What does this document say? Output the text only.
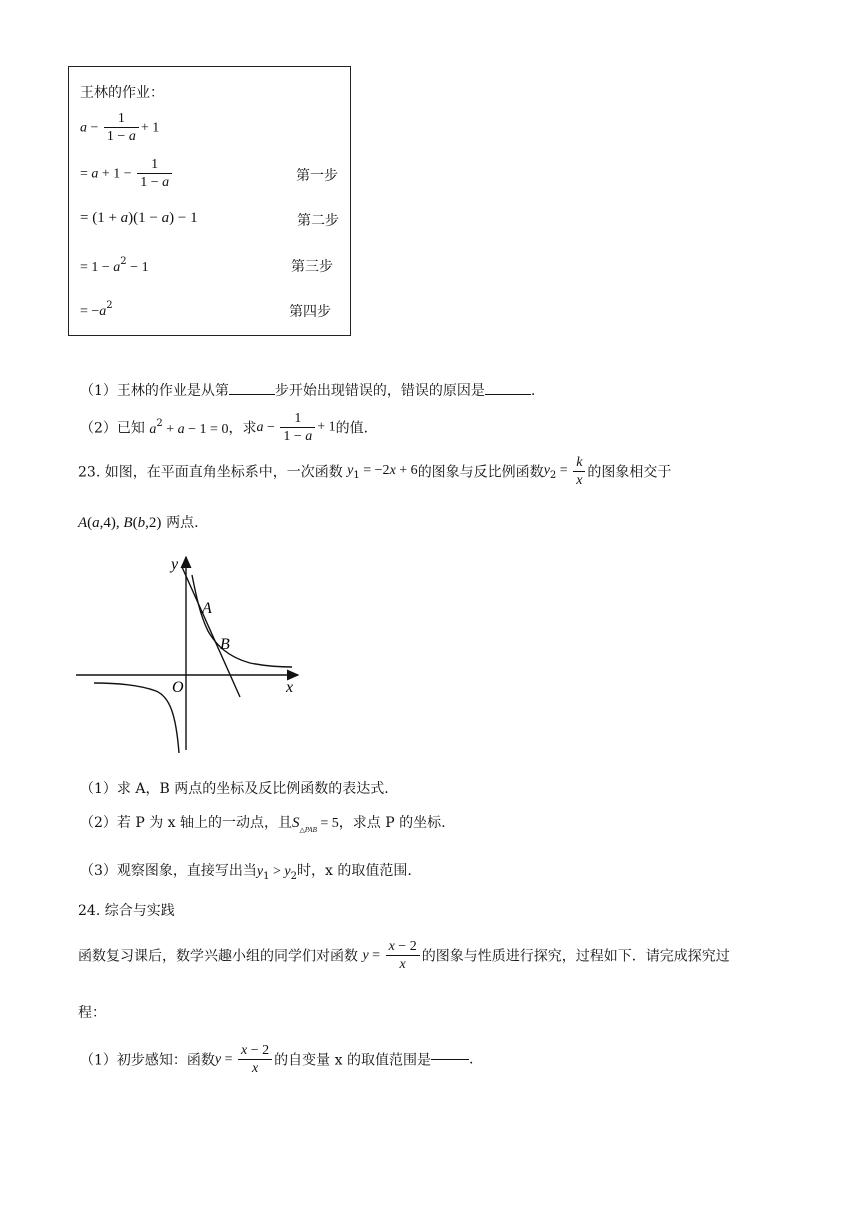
王林的作业：
$a - \frac{1}{1 - a} + 1$
= $a + 1 - \frac{1}{1 - a}$	第一步
= (1 + a)(1 − a) − 1	第二步
= $1 - a^2 - 1$	第三步
= $-a^2$	第四步
（1）王林的作业是从第	步开始出现错误的，错误的原因是	.
（2）已知 $a^2 + a - 1 = 0$，求$a - \frac{1}{1 - a} + 1$的值.
23. 如图，在平面直角坐标系中，一次函数 $y_1 = -2x + 6$的图象与反比例函数$y_2 = \frac{k}{x}$ 的图象相交于
A(a,4), B(b,2) 两点.
y
x
O
A
B
（1）求 A，B 两点的坐标及反比例函数的表达式.
（2）若 P 为 x 轴上的一动点，且$S_{\triangle PAB} = 5$，求点 P 的坐标.
（3）观察图象，直接写出当$y_1 > y_2$时，x 的取值范围.
24. 综合与实践
函数复习课后，数学兴趣小组的同学们对函数 $y = \frac{x - 2}{x}$ 的图象与性质进行探究，过程如下．请完成探究过
程：
（1）初步感知：函数$y = \frac{x - 2}{x}$ 的自变量 x 的取值范围是	.
